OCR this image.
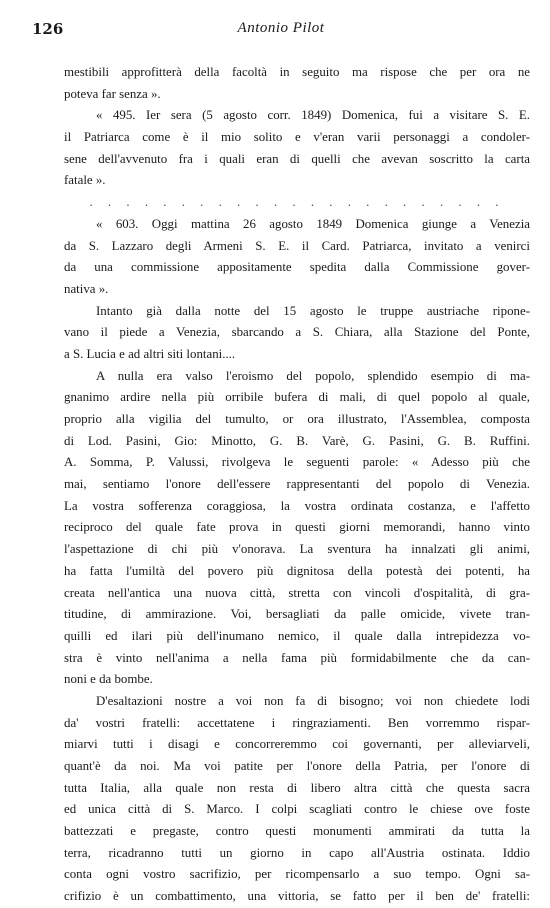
126	Antonio Pilot
mestibili approfitterà della facoltà in seguito ma rispose che per ora ne
poteva far senza ».
« 495. Ier sera (5 agosto corr. 1849) Domenica, fui a visitare S. E.
il Patriarca come è il mio solito e v'eran varii personaggi a condoler-
sene dell'avvenuto fra i quali eran di quelli che avevan soscritto la carta
fatale ».
. . . . . . . . . . . . . . . . . . . . . . .
« 603. Oggi mattina 26 agosto 1849 Domenica giunge a Venezia
da S. Lazzaro degli Armeni S. E. il Card. Patriarca, invitato a venirci
da una commissione appositamente spedita dalla Commissione gover-
nativa ».
Intanto già dalla notte del 15 agosto le truppe austriache ripone-
vano il piede a Venezia, sbarcando a S. Chiara, alla Stazione del Ponte,
a S. Lucia e ad altri siti lontani....
A nulla era valso l'eroismo del popolo, splendido esempio di ma-
gnanimo ardire nella più orribile bufera di mali, di quel popolo al quale,
proprio alla vigilia del tumulto, or ora illustrato, l'Assemblea, composta
di Lod. Pasini, Gio: Minotto, G. B. Varè, G. Pasini, G. B. Ruffini.
A. Somma, P. Valussi, rivolgeva le seguenti parole: « Adesso più che
mai, sentiamo l'onore dell'essere rappresentanti del popolo di Venezia.
La vostra sofferenza coraggiosa, la vostra ordinata costanza, e l'affetto
reciproco del quale fate prova in questi giorni memorandi, hanno vinto
l'aspettazione di chi più v'onorava. La sventura ha innalzati gli animi,
ha fatta l'umiltà del povero più dignitosa della potestà dei potenti, ha
creata nell'antica una nuova città, stretta con vincoli d'ospitalità, di gra-
titudine, di ammirazione. Voi, bersagliati da palle omicide, vivete tran-
quilli ed ilari più dell'inumano nemico, il quale dalla intrepidezza vo-
stra è vinto nell'anima a nella fama più formidabilmente che da can-
noni e da bombe.
D'esaltazioni nostre a voi non fa di bisogno; voi non chiedete lodi
da' vostri fratelli: accettatene i ringraziamenti. Ben vorremmo rispar-
miarvi tutti i disagi e concorreremmo coi governanti, per alleviarveli,
quant'è da noi. Ma voi patite per l'onore della Patria, per l'onore di
tutta Italia, alla quale non resta di libero altra città che questa sacra
ed unica città di S. Marco. I colpi scagliati contro le chiese ove foste
battezzati e pregaste, contro questi monumenti ammirati da tutta la
terra, ricadranno tutti un giorno in capo all'Austria ostinata. Iddio
conta ogni vostro sacrifizio, per ricompensarlo a suo tempo. Ogni sa-
crifizio è un combattimento, una vittoria, se fatto per il ben de' fratelli:
